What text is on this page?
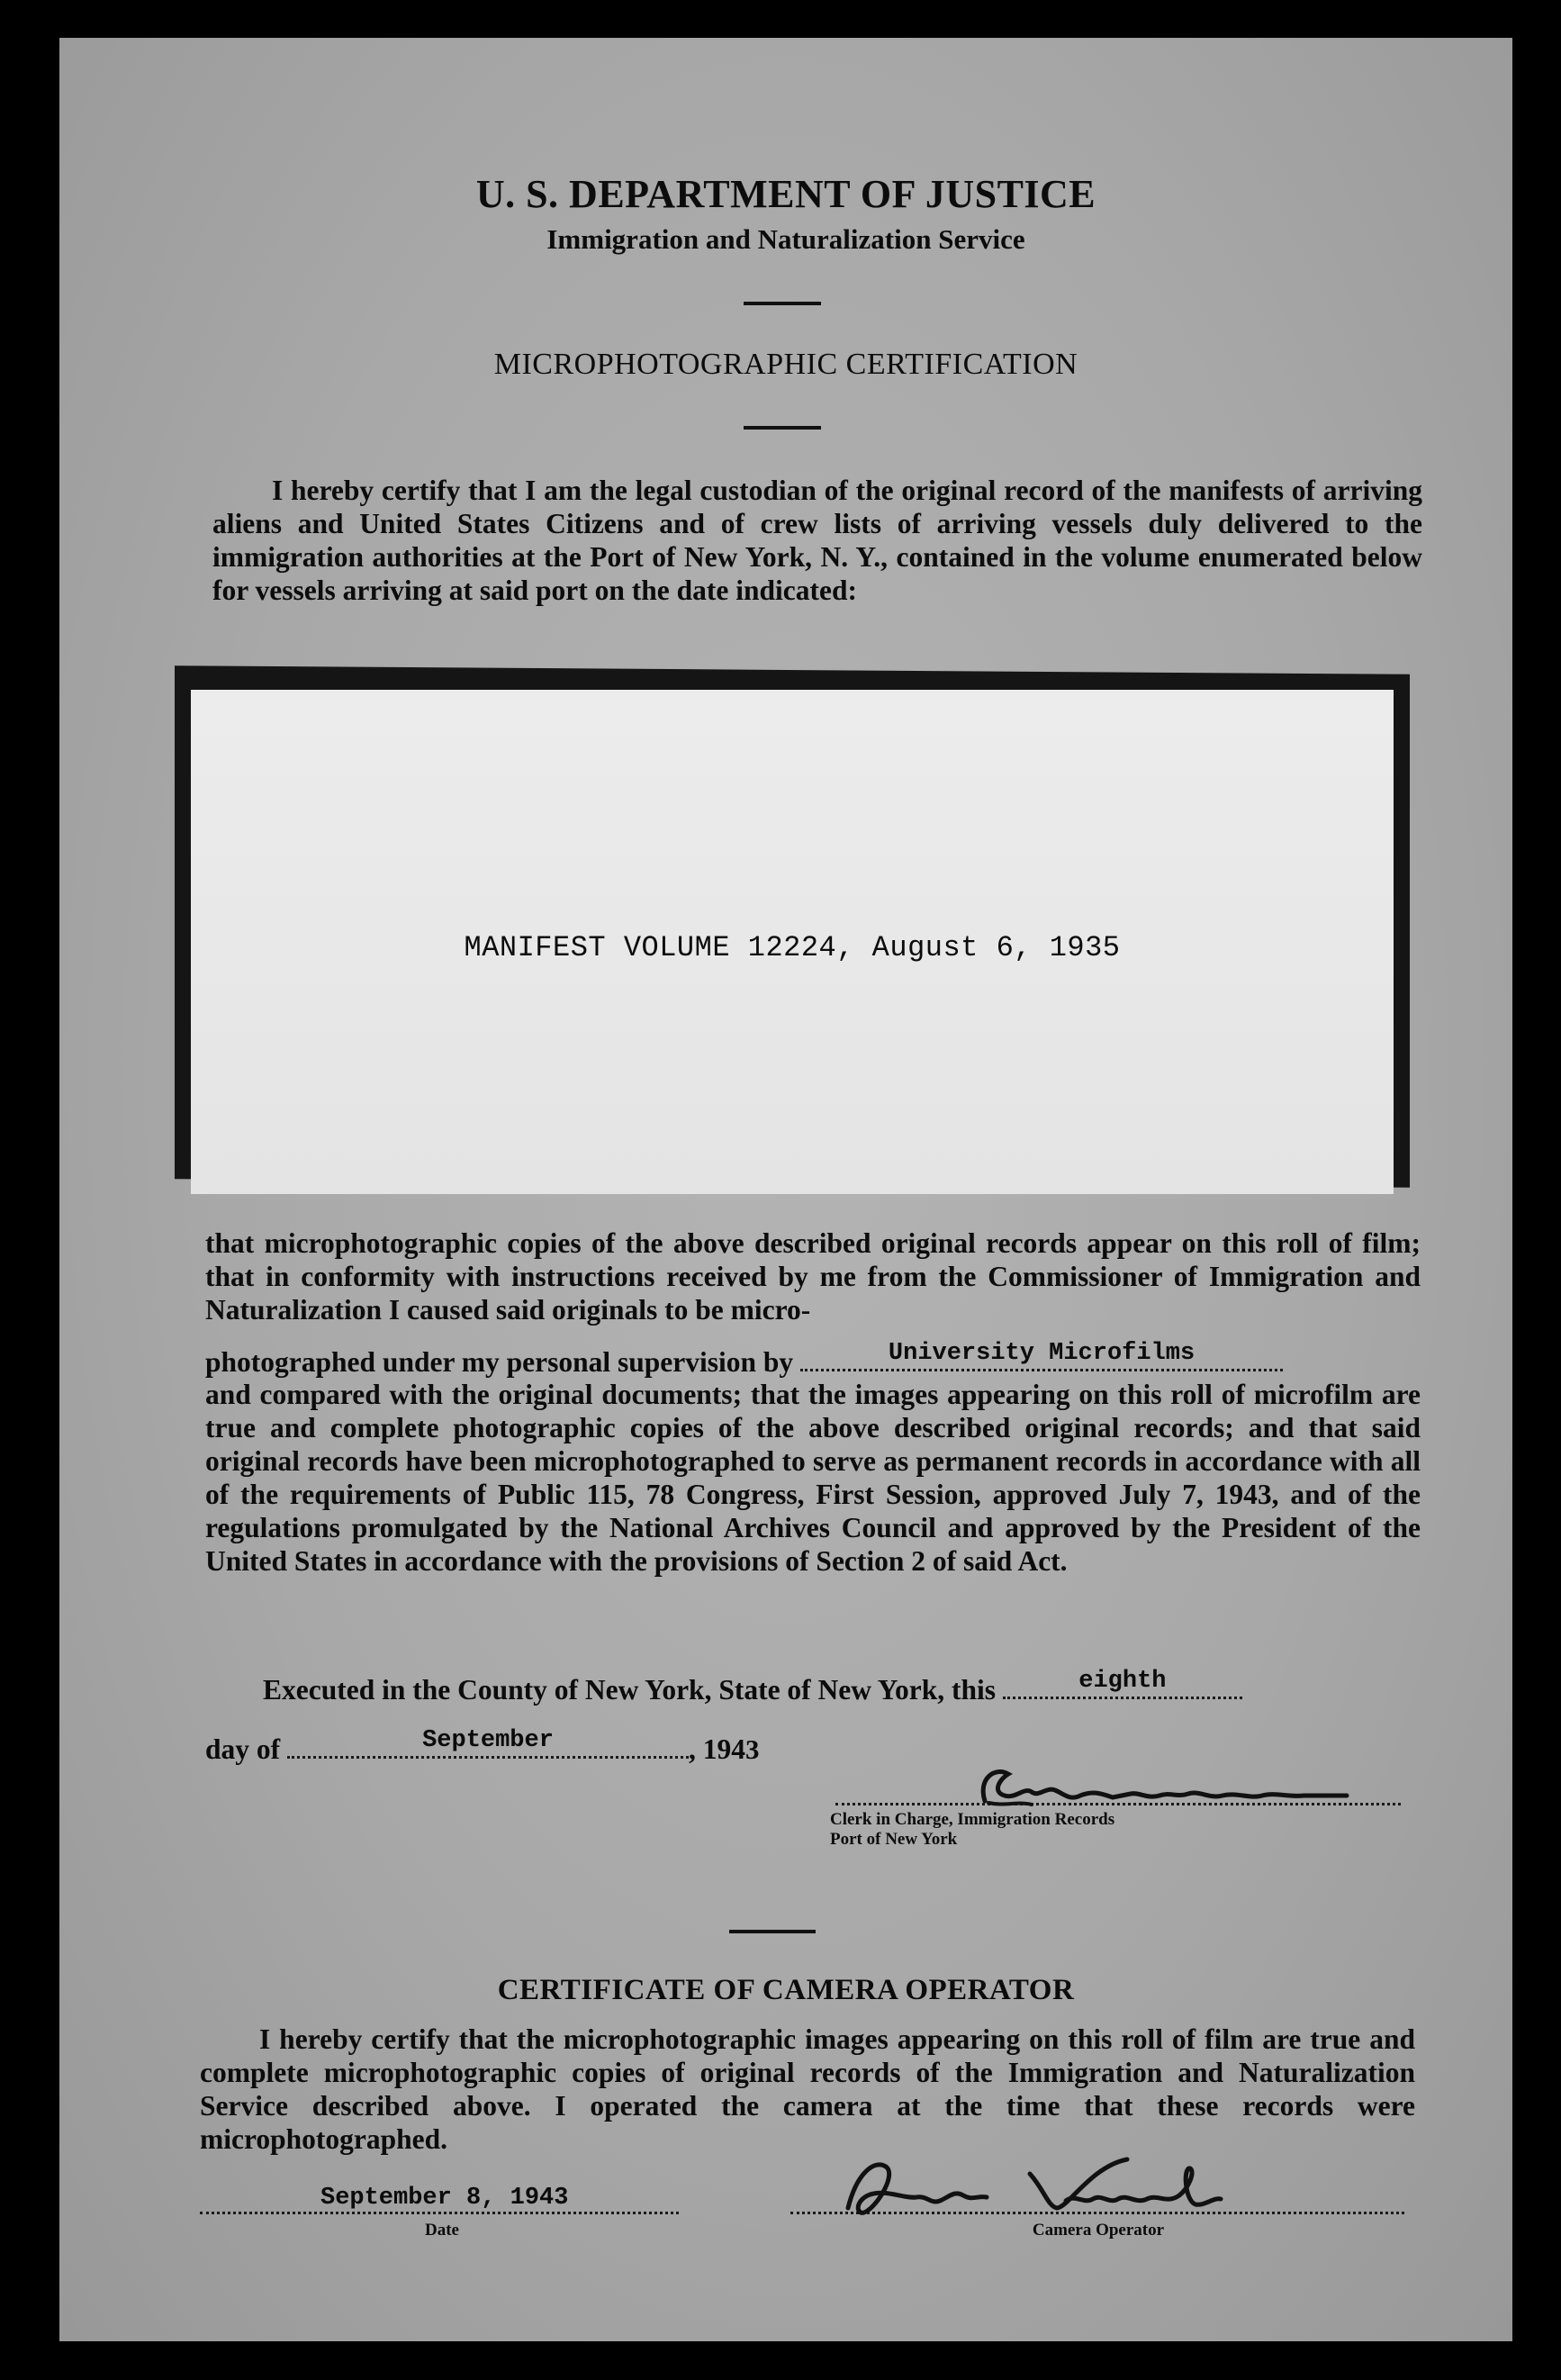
U. S. DEPARTMENT OF JUSTICE
Immigration and Naturalization Service
MICROPHOTOGRAPHIC CERTIFICATION

I hereby certify that I am the legal custodian of the original record of the manifests of arriving aliens and United States Citizens and of crew lists of arriving vessels duly delivered to the immigration authorities at the Port of New York, N. Y., contained in the volume enumerated below for vessels arriving at said port on the date indicated:

MANIFEST VOLUME 12224, August 6, 1935

that microphotographic copies of the above described original records appear on this roll of film; that in conformity with instructions received by me from the Commissioner of Immigration and Naturalization I caused said originals to be micro-

photographed under my personal supervision by	University Microfilms

and compared with the original documents; that the images appearing on this roll of microfilm are true and complete photographic copies of the above described original records; and that said original records have been microphotographed to serve as permanent records in accordance with all of the requirements of Public 115, 78 Congress, First Session, approved July 7, 1943, and of the regulations promulgated by the National Archives Council and approved by the President of the United States in accordance with the provisions of Section 2 of said Act.

Executed in the County of New York, State of New York, this	eighth
day of	September	, 1943
Clerk in Charge, Immigration Records
Port of New York
CERTIFICATE OF CAMERA OPERATOR

I hereby certify that the microphotographic images appearing on this roll of film are true and complete microphotographic copies of original records of the Immigration and Naturalization Service described above. I operated the camera at the time that these records were microphotographed.

September 8, 1943
Date	Camera Operator
